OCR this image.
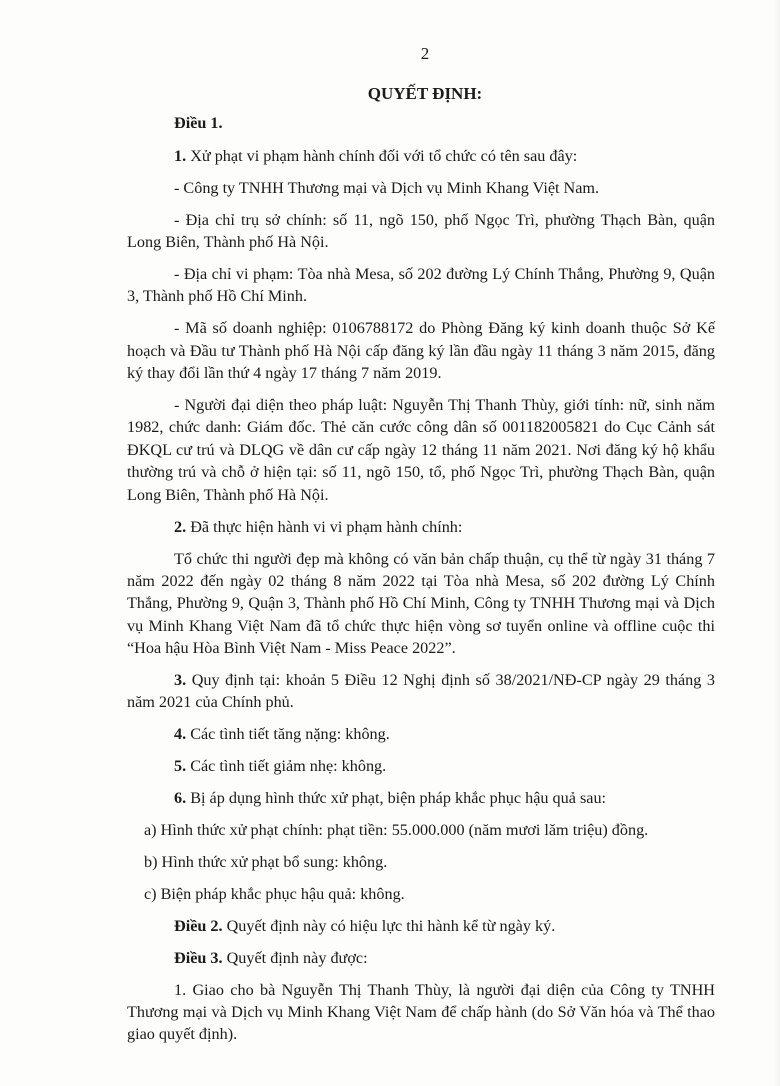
2
QUYẾT ĐỊNH:

Điều 1.

1. Xử phạt vi phạm hành chính đối với tổ chức có tên sau đây:

- Công ty TNHH Thương mại và Dịch vụ Minh Khang Việt Nam.

- Địa chỉ trụ sở chính: số 11, ngõ 150, phố Ngọc Trì, phường Thạch Bàn, quận Long Biên, Thành phố Hà Nội.

- Địa chỉ vi phạm: Tòa nhà Mesa, số 202 đường Lý Chính Thắng, Phường 9, Quận 3, Thành phố Hồ Chí Minh.

- Mã số doanh nghiệp: 0106788172 do Phòng Đăng ký kinh doanh thuộc Sở Kế hoạch và Đầu tư Thành phố Hà Nội cấp đăng ký lần đầu ngày 11 tháng 3 năm 2015, đăng ký thay đổi lần thứ 4 ngày 17 tháng 7 năm 2019.

- Người đại diện theo pháp luật: Nguyễn Thị Thanh Thùy, giới tính: nữ, sinh năm 1982, chức danh: Giám đốc. Thẻ căn cước công dân số 001182005821 do Cục Cảnh sát ĐKQL cư trú và DLQG về dân cư cấp ngày 12 tháng 11 năm 2021. Nơi đăng ký hộ khẩu thường trú và chỗ ở hiện tại: số 11, ngõ 150, tổ, phố Ngọc Trì, phường Thạch Bàn, quận Long Biên, Thành phố Hà Nội.

2. Đã thực hiện hành vi vi phạm hành chính:

Tổ chức thi người đẹp mà không có văn bản chấp thuận, cụ thể từ ngày 31 tháng 7 năm 2022 đến ngày 02 tháng 8 năm 2022 tại Tòa nhà Mesa, số 202 đường Lý Chính Thắng, Phường 9, Quận 3, Thành phố Hồ Chí Minh, Công ty TNHH Thương mại và Dịch vụ Minh Khang Việt Nam đã tổ chức thực hiện vòng sơ tuyển online và offline cuộc thi “Hoa hậu Hòa Bình Việt Nam - Miss Peace 2022”.

3. Quy định tại: khoản 5 Điều 12 Nghị định số 38/2021/NĐ-CP ngày 29 tháng 3 năm 2021 của Chính phủ.

4. Các tình tiết tăng nặng: không.

5. Các tình tiết giảm nhẹ: không.

6. Bị áp dụng hình thức xử phạt, biện pháp khắc phục hậu quả sau:

a) Hình thức xử phạt chính: phạt tiền: 55.000.000 (năm mươi lăm triệu) đồng.

b) Hình thức xử phạt bổ sung: không.

c) Biện pháp khắc phục hậu quả: không.

Điều 2. Quyết định này có hiệu lực thi hành kể từ ngày ký.

Điều 3. Quyết định này được:

1. Giao cho bà Nguyễn Thị Thanh Thùy, là người đại diện của Công ty TNHH Thương mại và Dịch vụ Minh Khang Việt Nam để chấp hành (do Sở Văn hóa và Thể thao giao quyết định).
